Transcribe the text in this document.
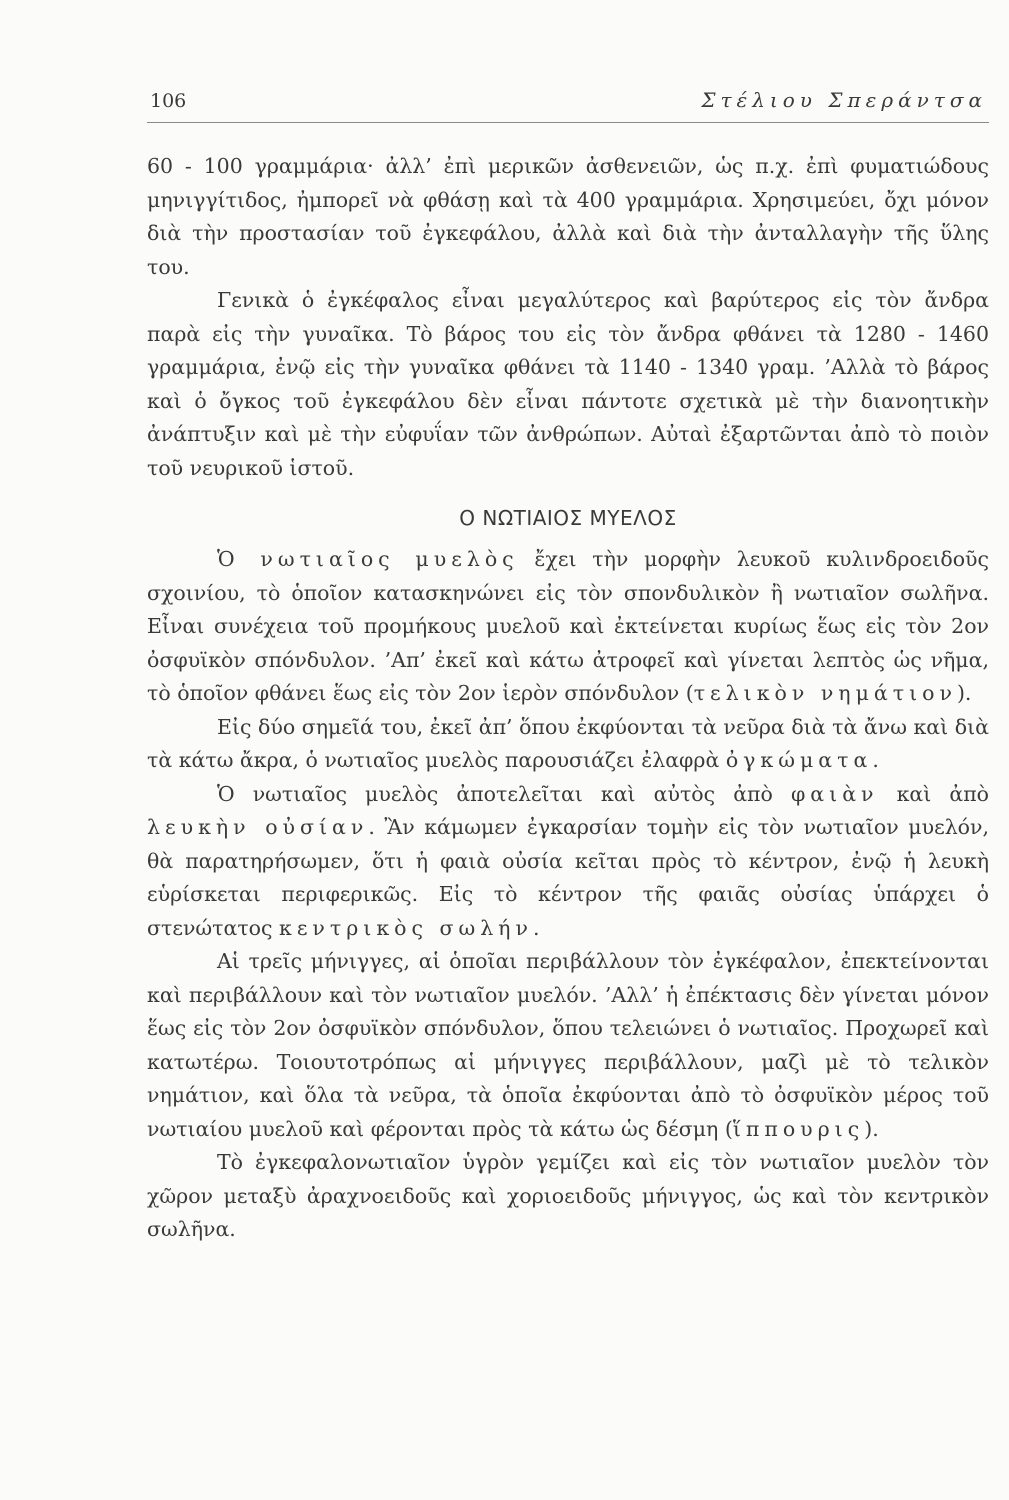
106	Στέλιου Σπεράντσα

60 - 100 γραμμάρια· ἀλλ’ ἐπὶ μερικῶν ἀσθενειῶν, ὡς π.χ. ἐπὶ φυματιώδους μηνιγγίτιδος, ἠμπορεῖ νὰ φθάσῃ καὶ τὰ 400 γραμμάρια. Χρησιμεύει, ὄχι μόνον διὰ τὴν προστασίαν τοῦ ἐγκεφάλου, ἀλλὰ καὶ διὰ τὴν ἀνταλλαγὴν τῆς ὕλης του.

Γενικὰ ὁ ἐγκέφαλος εἶναι μεγαλύτερος καὶ βαρύτερος εἰς τὸν ἄνδρα παρὰ εἰς τὴν γυναῖκα. Τὸ βάρος του εἰς τὸν ἄνδρα φθάνει τὰ 1280 - 1460 γραμμάρια, ἐνῷ εἰς τὴν γυναῖκα φθάνει τὰ 1140 - 1340 γραμ. ’Αλλὰ τὸ βάρος καὶ ὁ ὄγκος τοῦ ἐγκεφάλου δὲν εἶναι πάντοτε σχετικὰ μὲ τὴν διανοητικὴν ἀνάπτυξιν καὶ μὲ τὴν εὐφυΐαν τῶν ἀνθρώπων. Αὐταὶ ἐξαρτῶνται ἀπὸ τὸ ποιὸν τοῦ νευρικοῦ ἱστοῦ.

Ο ΝΩΤΙΑΙΟΣ ΜΥΕΛΟΣ

Ὁ νωτιαῖος μυελὸς ἔχει τὴν μορφὴν λευκοῦ κυλινδροειδοῦς σχοινίου, τὸ ὁποῖον κατασκηνώνει εἰς τὸν σπονδυλικὸν ἢ νωτιαῖον σωλῆνα. Εἶναι συνέχεια τοῦ προμήκους μυελοῦ καὶ ἐκτείνεται κυρίως ἕως εἰς τὸν 2ον ὀσφυϊκὸν σπόνδυλον. ’Απ’ ἐκεῖ καὶ κάτω ἀτροφεῖ καὶ γίνεται λεπτὸς ὡς νῆμα, τὸ ὁποῖον φθάνει ἕως εἰς τὸν 2ον ἱερὸν σπόνδυλον (τελικὸν νημάτιον).

Εἰς δύο σημεῖά του, ἐκεῖ ἀπ’ ὅπου ἐκφύονται τὰ νεῦρα διὰ τὰ ἄνω καὶ διὰ τὰ κάτω ἄκρα, ὁ νωτιαῖος μυελὸς παρουσιάζει ἐλαφρὰ ὀγκώματα.

Ὁ νωτιαῖος μυελὸς ἀποτελεῖται καὶ αὐτὸς ἀπὸ φαιὰν καὶ ἀπὸ λευκὴν οὐσίαν. Ἂν κάμωμεν ἐγκαρσίαν τομὴν εἰς τὸν νωτιαῖον μυελόν, θὰ παρατηρήσωμεν, ὅτι ἡ φαιὰ οὐσία κεῖται πρὸς τὸ κέντρον, ἐνῷ ἡ λευκὴ εὑρίσκεται περιφερικῶς. Εἰς τὸ κέντρον τῆς φαιᾶς οὐσίας ὑπάρχει ὁ στενώτατος κεντρικὸς σωλήν.

Αἱ τρεῖς μήνιγγες, αἱ ὁποῖαι περιβάλλουν τὸν ἐγκέφαλον, ἐπεκτείνονται καὶ περιβάλλουν καὶ τὸν νωτιαῖον μυελόν. ’Αλλ’ ἡ ἐπέκτασις δὲν γίνεται μόνον ἕως εἰς τὸν 2ον ὀσφυϊκὸν σπόνδυλον, ὅπου τελειώνει ὁ νωτιαῖος. Προχωρεῖ καὶ κατωτέρω. Τοιουτοτρόπως αἱ μήνιγγες περιβάλλουν, μαζὶ μὲ τὸ τελικὸν νημάτιον, καὶ ὅλα τὰ νεῦρα, τὰ ὁποῖα ἐκφύονται ἀπὸ τὸ ὀσφυϊκὸν μέρος τοῦ νωτιαίου μυελοῦ καὶ φέρονται πρὸς τὰ κάτω ὡς δέσμη (ἵππουρις).

Τὸ ἐγκεφαλονωτιαῖον ὑγρὸν γεμίζει καὶ εἰς τὸν νωτιαῖον μυελὸν τὸν χῶρον μεταξὺ ἀραχνοειδοῦς καὶ χοριοειδοῦς μήνιγγος, ὡς καὶ τὸν κεντρικὸν σωλῆνα.
